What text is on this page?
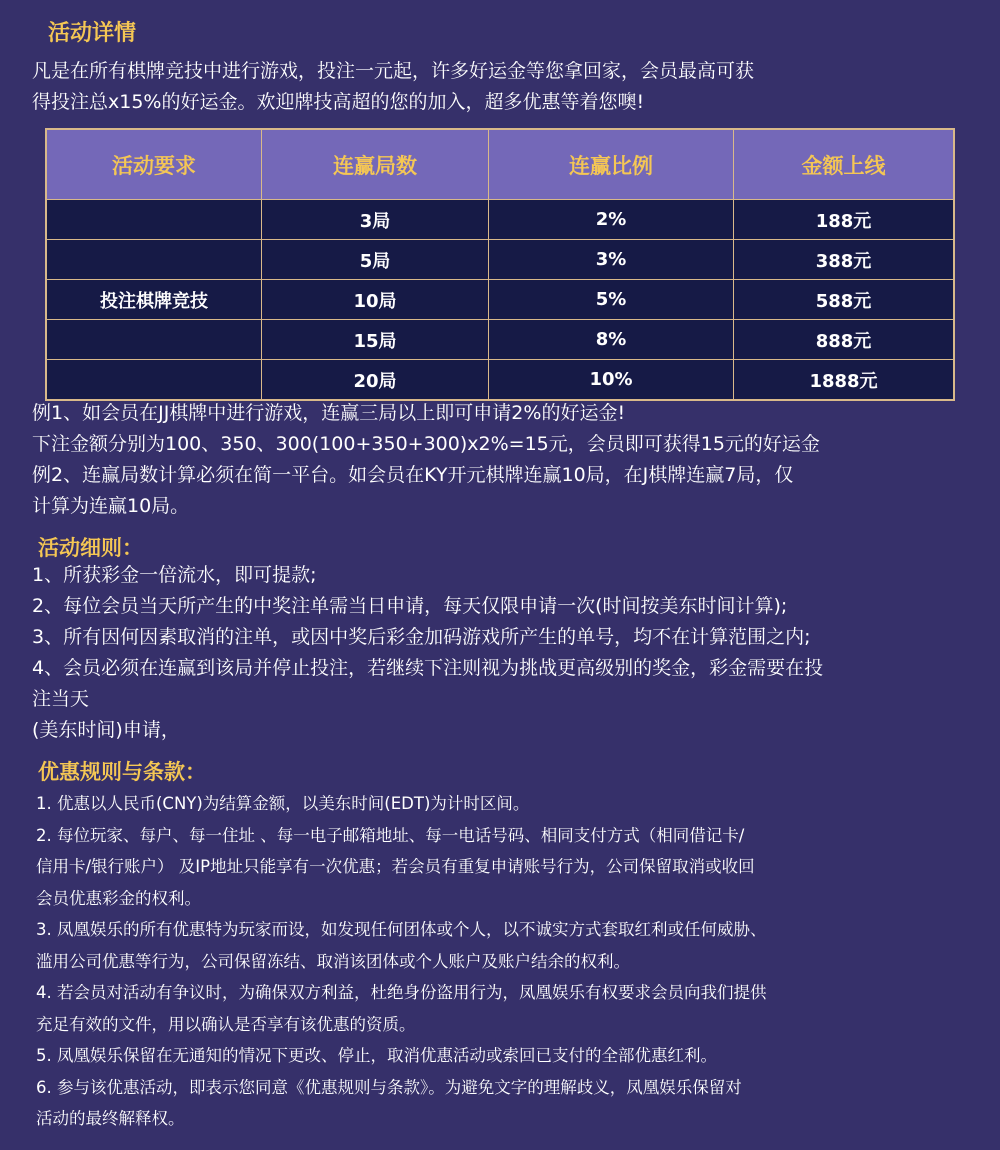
活动详情

凡是在所有棋牌竞技中进行游戏，投注一元起，许多好运金等您拿回家，会员最高可获

得投注总x15%的好运金。欢迎牌技高超的您的加入，超多优惠等着您噢!

活动要求	连赢局数	连赢比例	金额上线
	3局	2%	188元
	5局	3%	388元
投注棋牌竞技	10局	5%	588元
	15局	8%	888元
	20局	10%	1888元

例1、如会员在JJ棋牌中进行游戏，连赢三局以上即可申请2%的好运金!

下注金额分别为100、350、300(100+350+300)x2%=15元，会员即可获得15元的好运金

例2、连赢局数计算必须在简一平台。如会员在KY开元棋牌连赢10局，在J棋牌连赢7局，仅

计算为连赢10局。

活动细则：

1、所获彩金一倍流水，即可提款;

2、每位会员当天所产生的中奖注单需当日申请，每天仅限申请一次(时间按美东时间计算);

3、所有因何因素取消的注单，或因中奖后彩金加码游戏所产生的单号，均不在计算范围之内;

4、会员必须在连赢到该局并停止投注，若继续下注则视为挑战更高级别的奖金，彩金需要在投

注当天

(美东时间)申请，

优惠规则与条款：

1. 优惠以人民币(CNY)为结算金额，以美东时间(EDT)为计时区间。

2. 每位玩家、每户、每一住址 、每一电子邮箱地址、每一电话号码、相同支付方式（相同借记卡/

信用卡/银行账户） 及IP地址只能享有一次优惠；若会员有重复申请账号行为，公司保留取消或收回

会员优惠彩金的权利。

3. 凤凰娱乐的所有优惠特为玩家而设，如发现任何团体或个人，以不诚实方式套取红利或任何威胁、

滥用公司优惠等行为，公司保留冻结、取消该团体或个人账户及账户结余的权利。

4. 若会员对活动有争议时，为确保双方利益，杜绝身份盗用行为，凤凰娱乐有权要求会员向我们提供

充足有效的文件，用以确认是否享有该优惠的资质。

5. 凤凰娱乐保留在无通知的情况下更改、停止，取消优惠活动或索回已支付的全部优惠红利。

6. 参与该优惠活动，即表示您同意《优惠规则与条款》。为避免文字的理解歧义，凤凰娱乐保留对

活动的最终解释权。
